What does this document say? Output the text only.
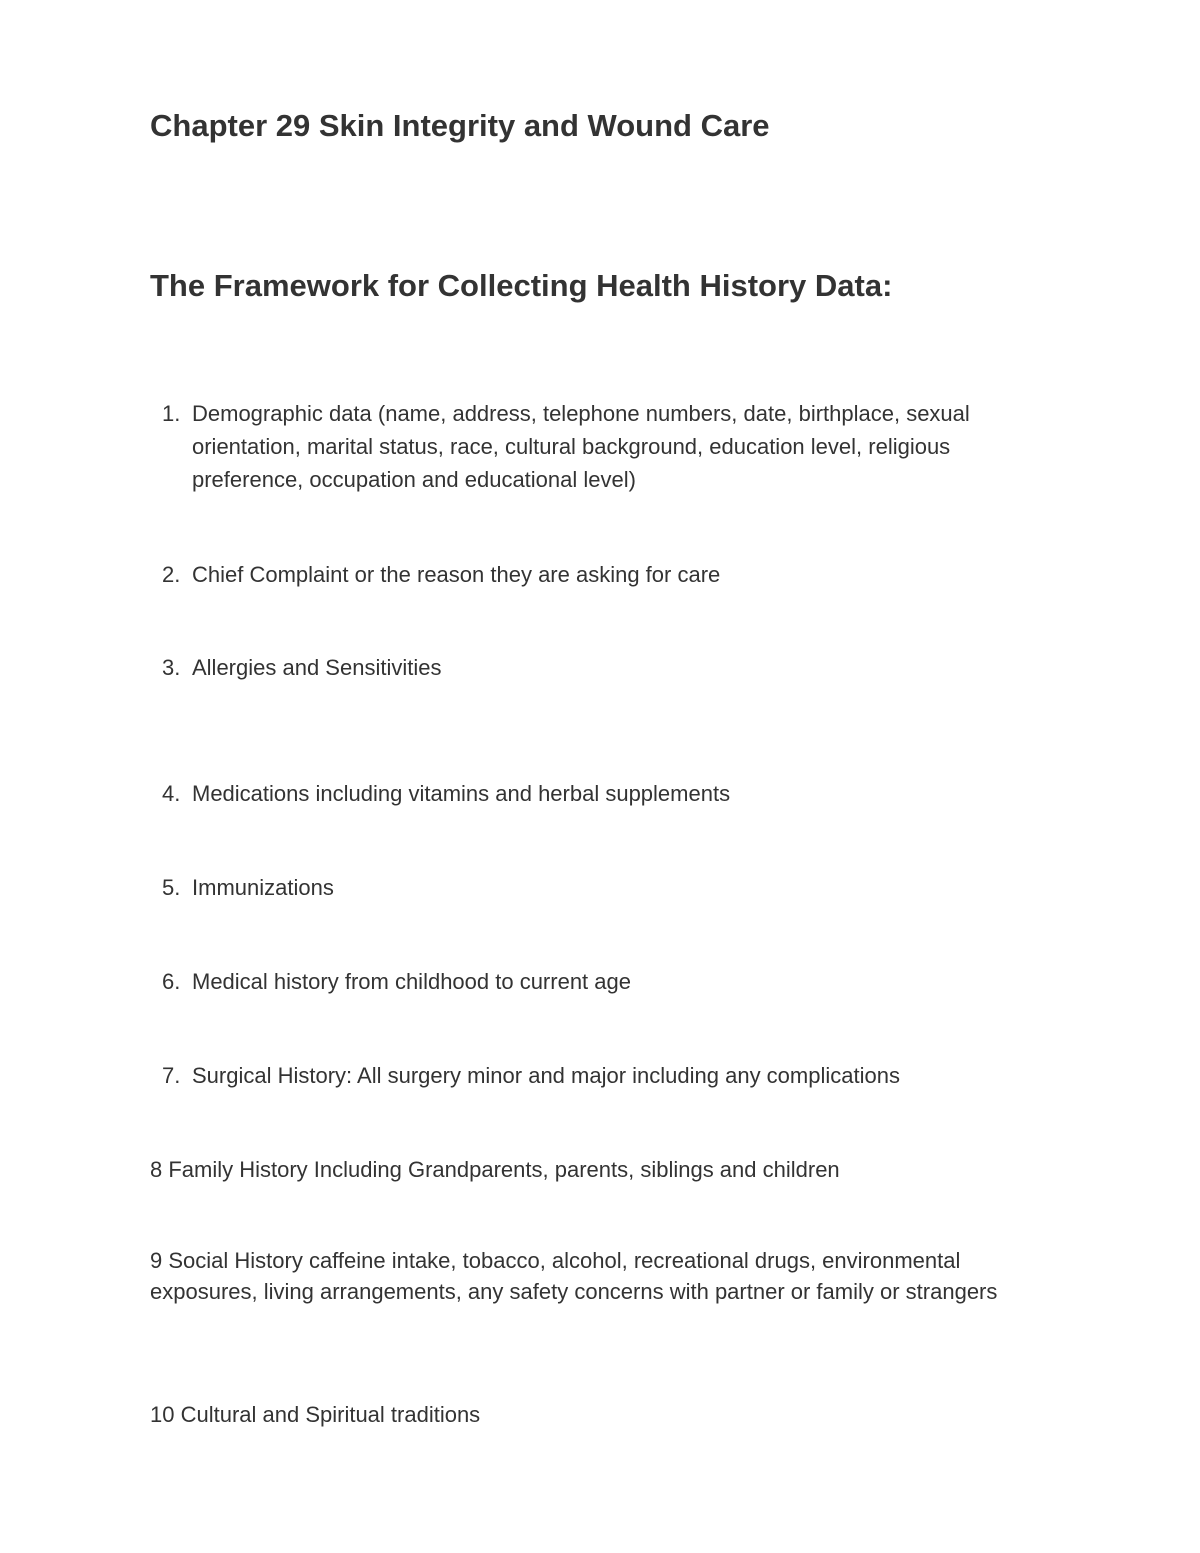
Chapter 29 Skin Integrity and Wound Care
The Framework for Collecting Health History Data:
1. Demographic data (name, address, telephone numbers, date, birthplace, sexual orientation, marital status, race, cultural background, education level, religious preference, occupation and educational level)
2. Chief Complaint or the reason they are asking for care
3. Allergies and Sensitivities
4. Medications including vitamins and herbal supplements
5. Immunizations
6. Medical history from childhood to current age
7. Surgical History: All surgery minor and major including any complications

8 Family History Including Grandparents, parents, siblings and children

9 Social History caffeine intake, tobacco, alcohol, recreational drugs, environmental exposures, living arrangements, any safety concerns with partner or family or strangers

10 Cultural and Spiritual traditions
